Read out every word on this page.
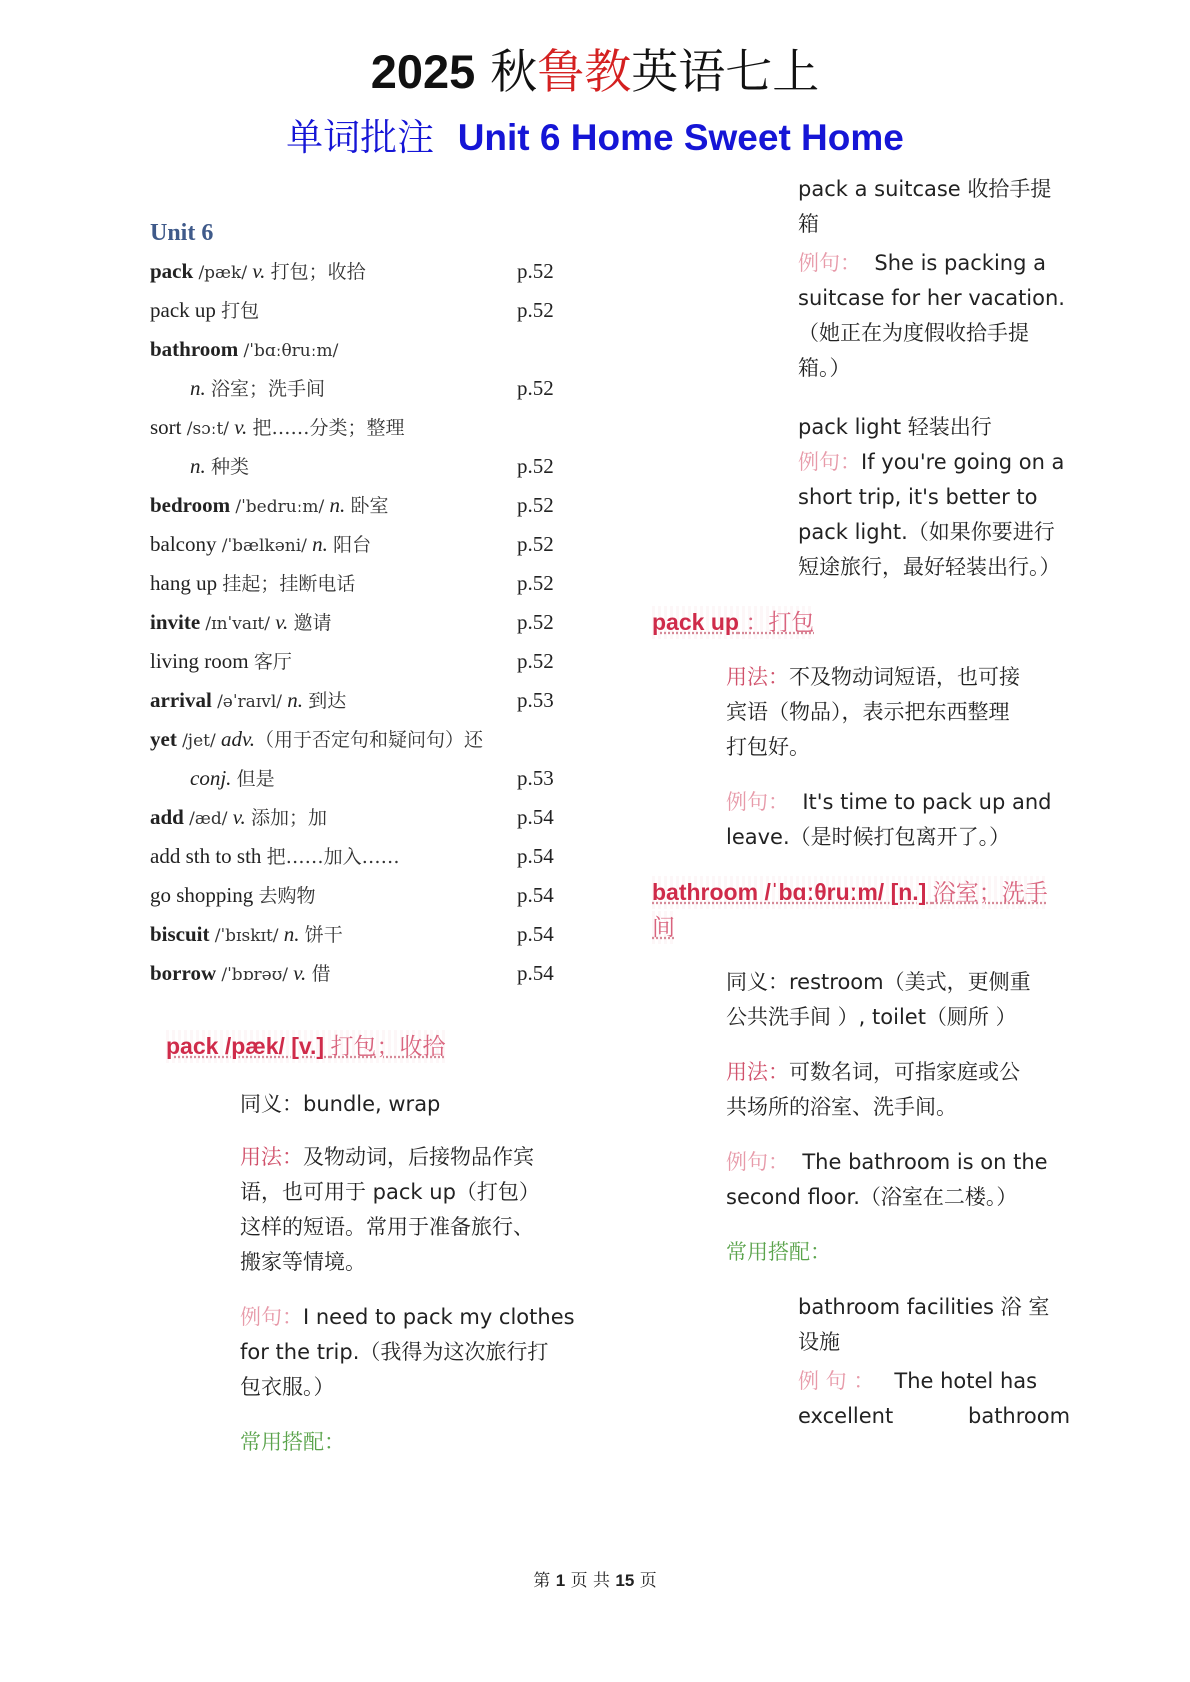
2025 秋鲁教英语七上
单词批注 Unit 6 Home Sweet Home
Unit 6
pack /pæk/ v. 打包；收拾	p.52
pack up 打包	p.52
bathroom /ˈbɑːθruːm/
n. 浴室；洗手间	p.52
sort /sɔːt/ v. 把……分类；整理
n. 种类	p.52
bedroom /ˈbedruːm/ n. 卧室	p.52
balcony /ˈbælkəni/ n. 阳台	p.52
hang up 挂起；挂断电话	p.52
invite /ɪnˈvaɪt/ v. 邀请	p.52
living room 客厅	p.52
arrival /əˈraɪvl/ n. 到达	p.53
yet /jet/ adv.（用于否定句和疑问句）还
conj. 但是	p.53
add /æd/ v. 添加；加	p.54
add sth to sth 把……加入……	p.54
go shopping 去购物	p.54
biscuit /ˈbɪskɪt/ n. 饼干	p.54
borrow /ˈbɒrəʊ/ v. 借	p.54
pack /pæk/ [v.] 打包；收拾
同义：bundle, wrap
用法：及物动词，后接物品作宾
语，也可用于 pack up（打包）
这样的短语。常用于准备旅行、
搬家等情境。
例句：I need to pack my clothes
for the trip.（我得为这次旅行打
包衣服。）
常用搭配：
pack a suitcase 收拾手提
箱
例句： She is packing a
suitcase for her vacation.
（她正在为度假收拾手提
箱。）
pack light 轻装出行
例句：If you're going on a
short trip, it's better to
pack light.（如果你要进行
短途旅行，最好轻装出行。）
pack up ：打包
用法：不及物动词短语，也可接
宾语（物品），表示把东西整理
打包好。
例句： It's time to pack up and
leave.（是时候打包离开了。）
bathroom /ˈbɑːθruːm/ [n.] 浴室；洗手
间
同义：restroom（美式，更侧重
公共洗手间 ）, toilet（厕所 ）
用法：可数名词，可指家庭或公
共场所的浴室、洗手间。
例句： The bathroom is on the
second floor.（浴室在二楼。）
常用搭配：
bathroom facilities 浴 室
设施
例 句 ： The hotel has
excellent	bathroom
第 1 页 共 15 页
